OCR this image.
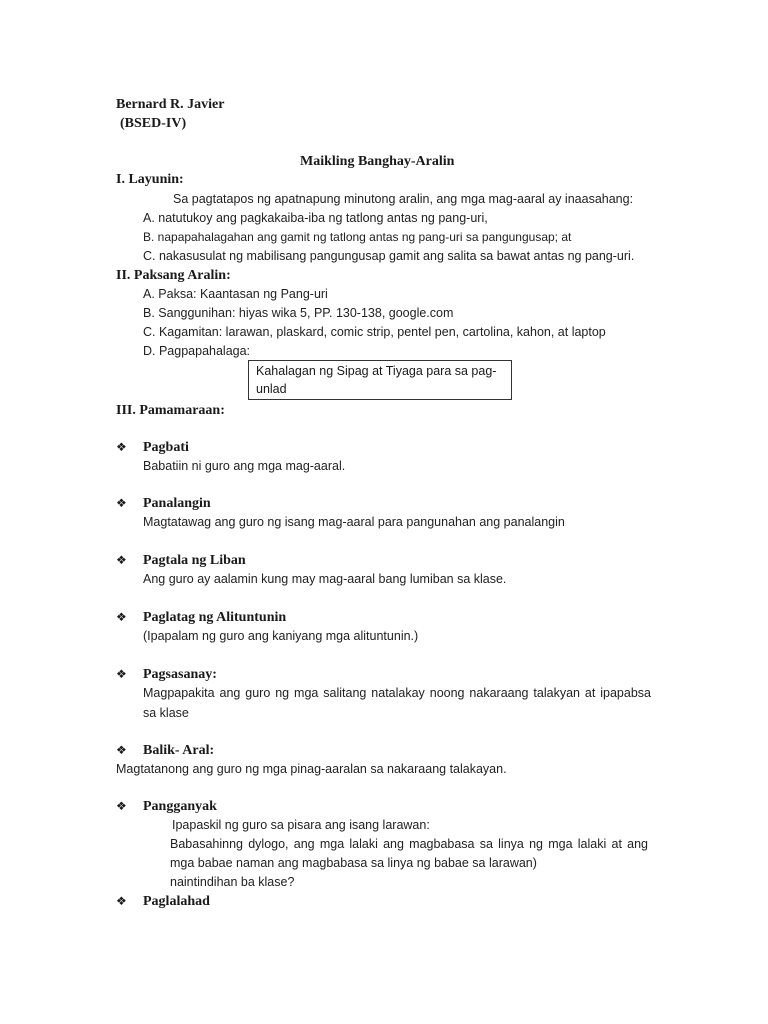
Bernard R. Javier
(BSED-IV)
Maikling Banghay-Aralin
I. Layunin:
Sa pagtatapos ng apatnapung minutong aralin, ang mga mag-aaral ay inaasahang:
A. natutukoy ang pagkakaiba-iba ng tatlong antas ng pang-uri,
B. napapahalagahan ang gamit ng tatlong antas ng pang-uri sa pangungusap; at
C. nakasusulat ng mabilisang pangungusap gamit ang salita sa bawat antas ng pang-uri.
II. Paksang Aralin:
A. Paksa: Kaantasan ng Pang-uri
B. Sanggunihan: hiyas wika 5, PP. 130-138, google.com
C. Kagamitan: larawan, plaskard, comic strip, pentel pen, cartolina, kahon, at laptop
D. Pagpapahalaga:
Kahalagan ng Sipag at Tiyaga para sa pag-
unlad
III. Pamamaraan:
❖ Pagbati
Babatiin ni guro ang mga mag-aaral.
❖ Panalangin
Magtatawag ang guro ng isang mag-aaral para pangunahan ang panalangin
❖ Pagtala ng Liban
Ang guro ay aalamin kung may mag-aaral bang lumiban sa klase.
❖ Paglatag ng Alituntunin
(Ipapalam ng guro ang kaniyang mga alituntunin.)
❖ Pagsasanay:
Magpapakita ang guro ng mga salitang natalakay noong nakaraang talakyan at ipapabsa
sa klase
❖ Balik- Aral:
Magtatanong ang guro ng mga pinag-aaralan sa nakaraang talakayan.
❖ Pangganyak
Ipapaskil ng guro sa pisara ang isang larawan:
Babasahinng dylogo, ang mga lalaki ang magbabasa sa linya ng mga lalaki at ang
mga babae naman ang magbabasa sa linya ng babae sa larawan)
naintindihan ba klase?
❖ Paglalahad
